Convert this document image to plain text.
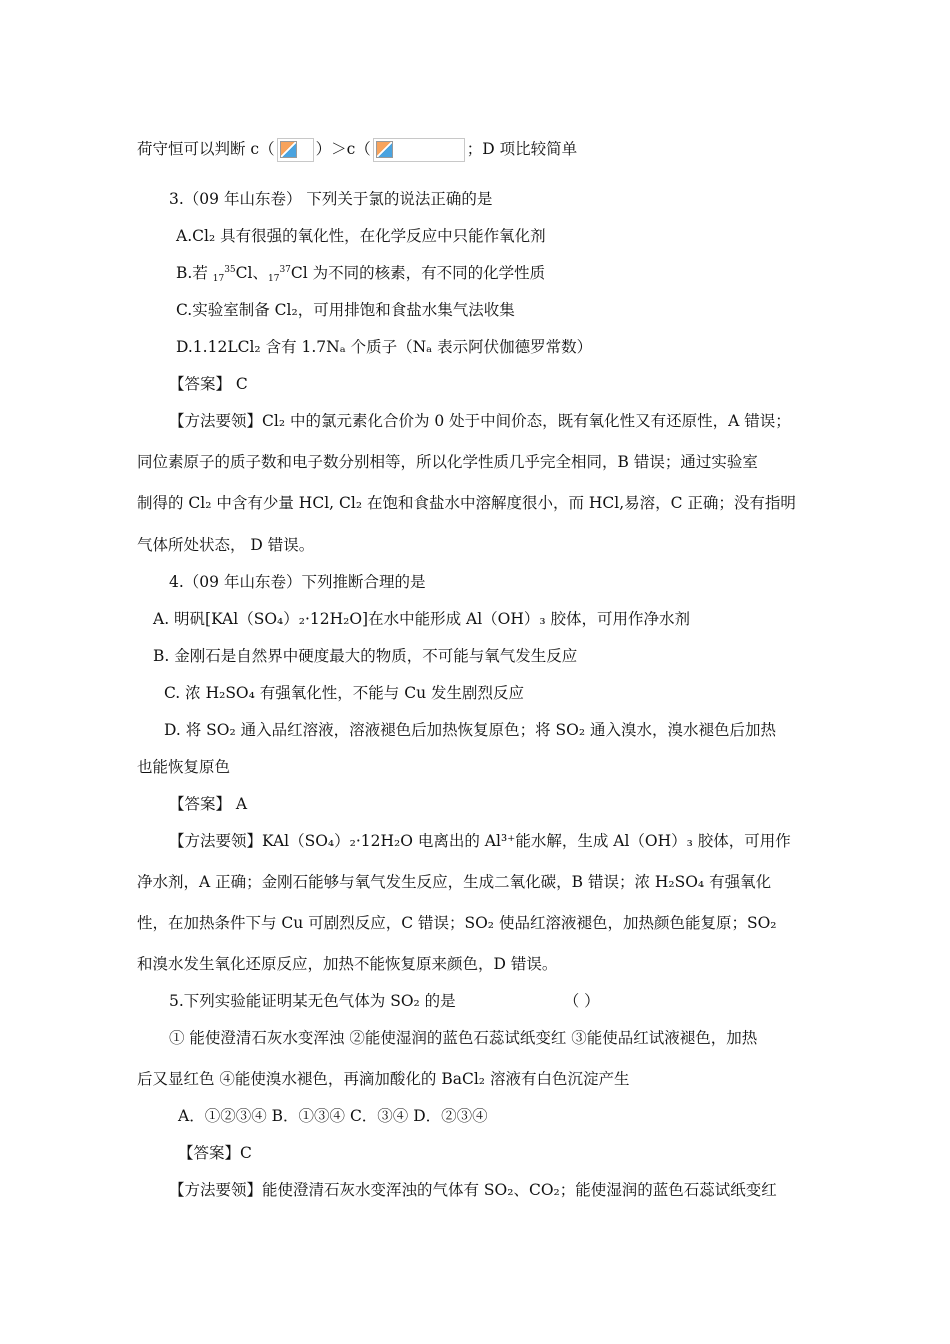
荷守恒可以判断 c（	）＞c（	；D 项比较简单
3.（09 年山东卷） 下列关于氯的说法正确的是
A.Cl₂ 具有很强的氧化性，在化学反应中只能作氧化剂
B.若 $_{17}^{35}$Cl、$_{17}^{37}$Cl 为不同的核素，有不同的化学性质
C.实验室制备 Cl₂，可用排饱和食盐水集气法收集
D.1.12LCl₂ 含有 1.7Nₐ 个质子（Nₐ 表示阿伏伽德罗常数）
【答案】 C
【方法要领】Cl₂ 中的氯元素化合价为 0 处于中间价态，既有氧化性又有还原性，A 错误；
同位素原子的质子数和电子数分别相等，所以化学性质几乎完全相同，B 错误；通过实验室
制得的 Cl₂ 中含有少量 HCl, Cl₂ 在饱和食盐水中溶解度很小，而 HCl,易溶，C 正确；没有指明
气体所处状态， D 错误。
4.（09 年山东卷）下列推断合理的是
A. 明矾[KAl（SO₄）₂·12H₂O]在水中能形成 Al（OH）₃ 胶体，可用作净水剂
B. 金刚石是自然界中硬度最大的物质，不可能与氧气发生反应
C. 浓 H₂SO₄ 有强氧化性，不能与 Cu 发生剧烈反应
D. 将 SO₂ 通入品红溶液，溶液褪色后加热恢复原色；将 SO₂ 通入溴水，溴水褪色后加热
也能恢复原色
【答案】 A
【方法要领】KAl（SO₄）₂·12H₂O 电离出的 Al³⁺能水解，生成 Al（OH）₃ 胶体，可用作
净水剂，A 正确；金刚石能够与氧气发生反应，生成二氧化碳，B 错误；浓 H₂SO₄ 有强氧化
性，在加热条件下与 Cu 可剧烈反应，C 错误；SO₂ 使品红溶液褪色，加热颜色能复原；SO₂
和溴水发生氧化还原反应，加热不能恢复原来颜色，D 错误。
5.下列实验能证明某无色气体为 SO₂ 的是	（ ）
① 能使澄清石灰水变浑浊 ②能使湿润的蓝色石蕊试纸变红 ③能使品红试液褪色，加热
后又显红色 ④能使溴水褪色，再滴加酸化的 BaCl₂ 溶液有白色沉淀产生
A．①②③④ B．①③④ C．③④ D．②③④
【答案】C
【方法要领】能使澄清石灰水变浑浊的气体有 SO₂、CO₂；能使湿润的蓝色石蕊试纸变红
